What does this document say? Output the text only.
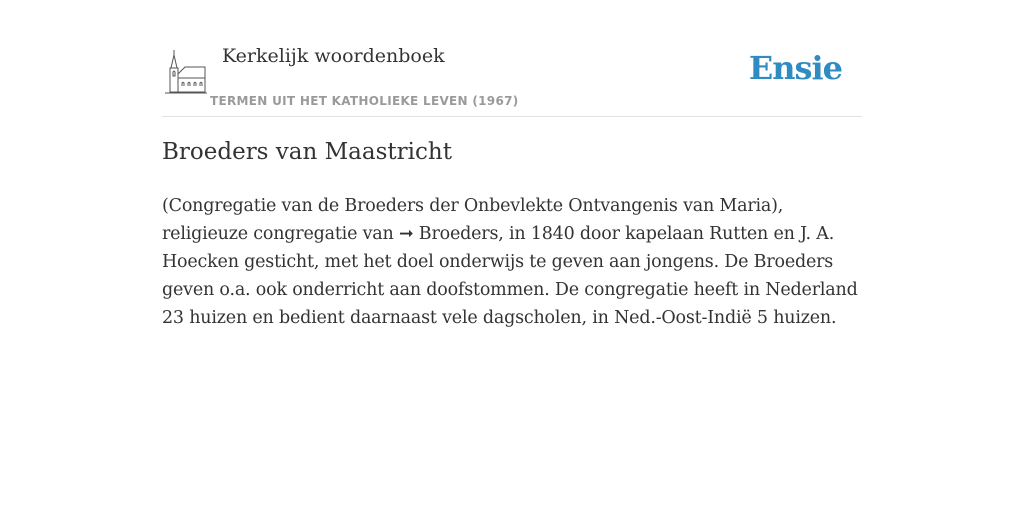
Kerkelijk woordenboek
TERMEN UIT HET KATHOLIEKE LEVEN (1967)
Ensie
Broeders van Maastricht

(Congregatie van de Broeders der Onbevlekte Ontvangenis van Maria), religieuze congregatie van ➞ Broeders, in 1840 door kapelaan Rutten en J. A. Hoecken gesticht, met het doel onderwijs te geven aan jongens. De Broeders geven o.a. ook onderricht aan doofstommen. De congregatie heeft in Nederland 23 huizen en bedient daarnaast vele dagscholen, in Ned.-Oost-Indië 5 huizen.
